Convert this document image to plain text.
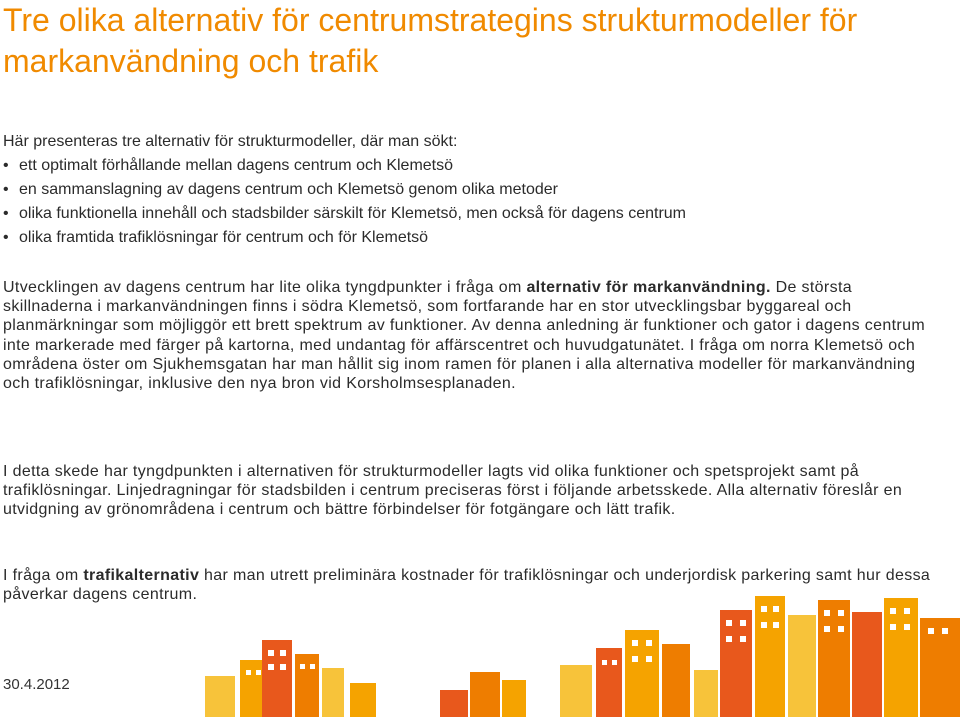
Tre olika alternativ för centrumstrategins strukturmodeller för markanvändning och trafik
Här presenteras tre alternativ för strukturmodeller, där man sökt:
• ett optimalt förhållande mellan dagens centrum och Klemetsö
• en sammanslagning av dagens centrum och Klemetsö genom olika metoder
• olika funktionella innehåll och stadsbilder särskilt för Klemetsö, men också för dagens centrum
• olika framtida trafiklösningar för centrum och för Klemetsö

Utvecklingen av dagens centrum har lite olika tyngdpunkter i fråga om alternativ för markanvändning. De största skillnaderna i markanvändningen finns i södra Klemetsö, som fortfarande har en stor utvecklingsbar byggareal och planmärkningar som möjliggör ett brett spektrum av funktioner. Av denna anledning är funktioner och gator i dagens centrum inte markerade med färger på kartorna, med undantag för affärscentret och huvudgatunätet. I fråga om norra Klemetsö och områdena öster om Sjukhemsgatan har man hållit sig inom ramen för planen i alla alternativa modeller för markanvändning och trafiklösningar, inklusive den nya bron vid Korsholmsesplanaden.

I detta skede har tyngdpunkten i alternativen för strukturmodeller lagts vid olika funktioner och spetsprojekt samt på trafiklösningar. Linjedragningar för stadsbilden i centrum preciseras först i följande arbetsskede. Alla alternativ föreslår en utvidgning av grönområdena i centrum och bättre förbindelser för fotgängare och lätt trafik.

I fråga om trafikalternativ har man utrett preliminära kostnader för trafiklösningar och underjordisk parkering samt hur dessa påverkar dagens centrum.

30.4.2012
